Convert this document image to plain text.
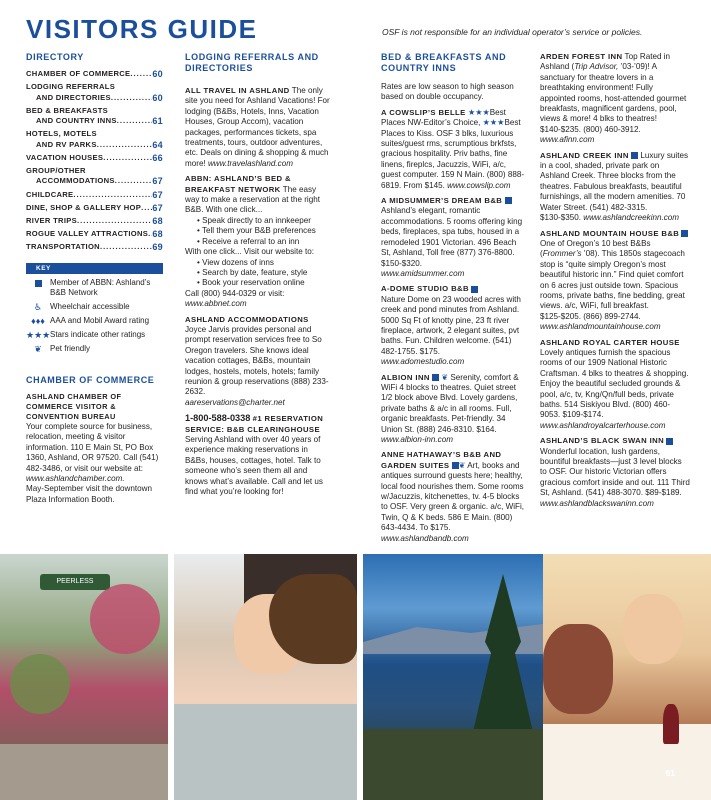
VISITORS GUIDE	OSF is not responsible for an individual operator’s service or policies.
DIRECTORY
CHAMBER OF COMMERCE ..... 60
LODGING REFERRALS
AND DIRECTORIES .....	60
BED & BREAKFASTS
AND COUNTRY INNS .....	61
HOTELS, MOTELS
AND RV PARKS .....	64
VACATION HOUSES .....	66
GROUP/OTHER
ACCOMMODATIONS .....	67
CHILDCARE .....	67
DINE, SHOP & GALLERY HOP ..... 67
RIVER TRIPS .....	68
ROGUE VALLEY ATTRACTIONS ..... 68
TRANSPORTATION .....	69
KEY
Member of ABBN: Ashland’s B&B Network
♿ Wheelchair accessible
♦♦♦ AAA and Mobil Award rating
★★★ Stars indicate other ratings
❦	Pet friendly
CHAMBER OF COMMERCE
ASHLAND CHAMBER OF COMMERCE VISITOR & CONVENTION BUREAU

Your complete source for business, relocation, meeting & visitor information. 110 E Main St, PO Box 1360, Ashland, OR 97520. Call (541) 482-3486, or visit our website at:

www.ashlandchamber.com.

May-September visit the downtown Plaza Information Booth.

LODGING REFERRALS AND DIRECTORIES
ALL TRAVEL IN ASHLAND The only site you need for Ashland Vacations! For lodging (B&Bs, Hotels, Inns, Vacation Houses, Group Accom), vacation packages, performances tickets, spa treatments, tours, outdoor adventures, etc. Deals on dining & shopping & much more! www.travelashland.com
ABBN: ASHLAND’S BED & BREAKFAST NETWORK The easy way to make a reservation at the right B&B. With one click...
• Speak directly to an innkeeper
• Tell them your B&B preferences
• Receive a referral to an inn
With one click... Visit our website to:
• View dozens of inns
• Search by date, feature, style
• Book your reservation online
Call (800) 944-0329 or visit:
www.abbnet.com
ASHLAND ACCOMMODATIONS Joyce Jarvis provides personal and prompt reservation services free to So Oregon travelers. She knows ideal vacation cottages, B&Bs, mountain lodges, hostels, motels, hotels; family reunion & group reservations (888) 233-2632.
aareservations@charter.net
1-800-588-0338 #1 RESERVATION SERVICE: B&B CLEARINGHOUSE Serving Ashland with over 40 years of experience making reservations in B&Bs, houses, cottages, hotel. Talk to someone who’s seen them all and knows what’s available. Call and let us find what you’re looking for!
BED & BREAKFASTS AND COUNTRY INNS

Rates are low season to high season based on double occupancy.

A COWSLIP’S BELLE ★★★Best Places NW-Editor’s Choice, ★★★Best Places to Kiss. OSF 3 blks, luxurious suites/guest rms, scrumptious brkfsts, gracious hospitality. Priv baths, fine linens, fireplcs, Jacuzzis, WiFi, a/c, guest computer. 159 N Main. (800) 888-6819. From $145. www.cowslip.com
A MIDSUMMER’S DREAM B&B
Ashland’s elegant, romantic accommodations. 5 rooms offering king beds, fireplaces, spa tubs, housed in a remodeled 1901 Victorian. 496 Beach St, Ashland, Toll free (877) 376-8800. $150-$320.
www.amidsummer.com
A-DOME STUDIO B&B
Nature Dome on 23 wooded acres with creek and pond minutes from Ashland. 5000 Sq Ft of knotty pine, 23 ft river fireplace, artwork, 2 elegant suites, pvt baths. Fun. Children welcome. (541) 482-1755. $175.
www.adomestudio.com
ALBION INN ❦ Serenity, comfort & WiFi 4 blocks to theatres. Quiet street 1/2 block above Blvd. Lovely gardens, private baths & a/c in all rooms. Full, organic breakfasts. Pet-friendly. 34 Union St. (888) 246-8310. $164. www.albion-inn.com
ANNE HATHAWAY’S B&B AND GARDEN SUITES ❦ Art, books and antiques surround guests here; healthy, local food nourishes them. Some rooms w/Jacuzzis, kitchenettes, tv. 4-5 blocks to OSF. Very green & organic. a/c, WiFi, Twin, Q & K beds. 586 E Main. (800) 643-4434. To $175. www.ashlandbandb.com
ARDEN FOREST INN Top Rated in Ashland (Trip Advisor, ’03-’09)! A sanctuary for theatre lovers in a breathtaking environment! Fully appointed rooms, host-attended gourmet breakfasts, magnificent gardens, pool, views & more! 4 blks to theatres! $140-$235. (800) 460-3912. www.afinn.com
ASHLAND CREEK INN Luxury suites in a cool, shaded, private park on Ashland Creek. Three blocks from the theatres. Fabulous breakfasts, beautiful furnishings, all the modern amenities. 70 Water Street. (541) 482-3315. $130-$350. www.ashlandcreekinn.com
ASHLAND MOUNTAIN HOUSE B&B  One of Oregon’s 10 best B&Bs (Frommer’s ’08). This 1850s stagecoach stop is “quite simply Oregon’s most beautiful historic inn.” Find quiet comfort on 6 acres just outside town. Spacious rooms, private baths, fine bedding, great views. a/c, WiFi, full breakfast. $125-$205. (866) 899-2744. www.ashlandmountainhouse.com
ASHLAND ROYAL CARTER HOUSE Lovely antiques furnish the spacious rooms of our 1909 National Historic Craftsman. 4 blks to theatres & shopping. Enjoy the beautiful secluded grounds & pool, a/c, tv, Kng/Qn/full beds, private baths. 514 Siskiyou Blvd. (800) 460-9053. $109-$174. www.ashlandroyalcarterhouse.com
ASHLAND’S BLACK SWAN INN  Wonderful location, lush gardens, bountiful breakfasts—just 3 level blocks to OSF. Our historic Victorian offers gracious comfort inside and out. 111 Third St, Ashland. (541) 488-3070. $89-$189. www.ashlandblackswaninn.com
PEERLESS
61
